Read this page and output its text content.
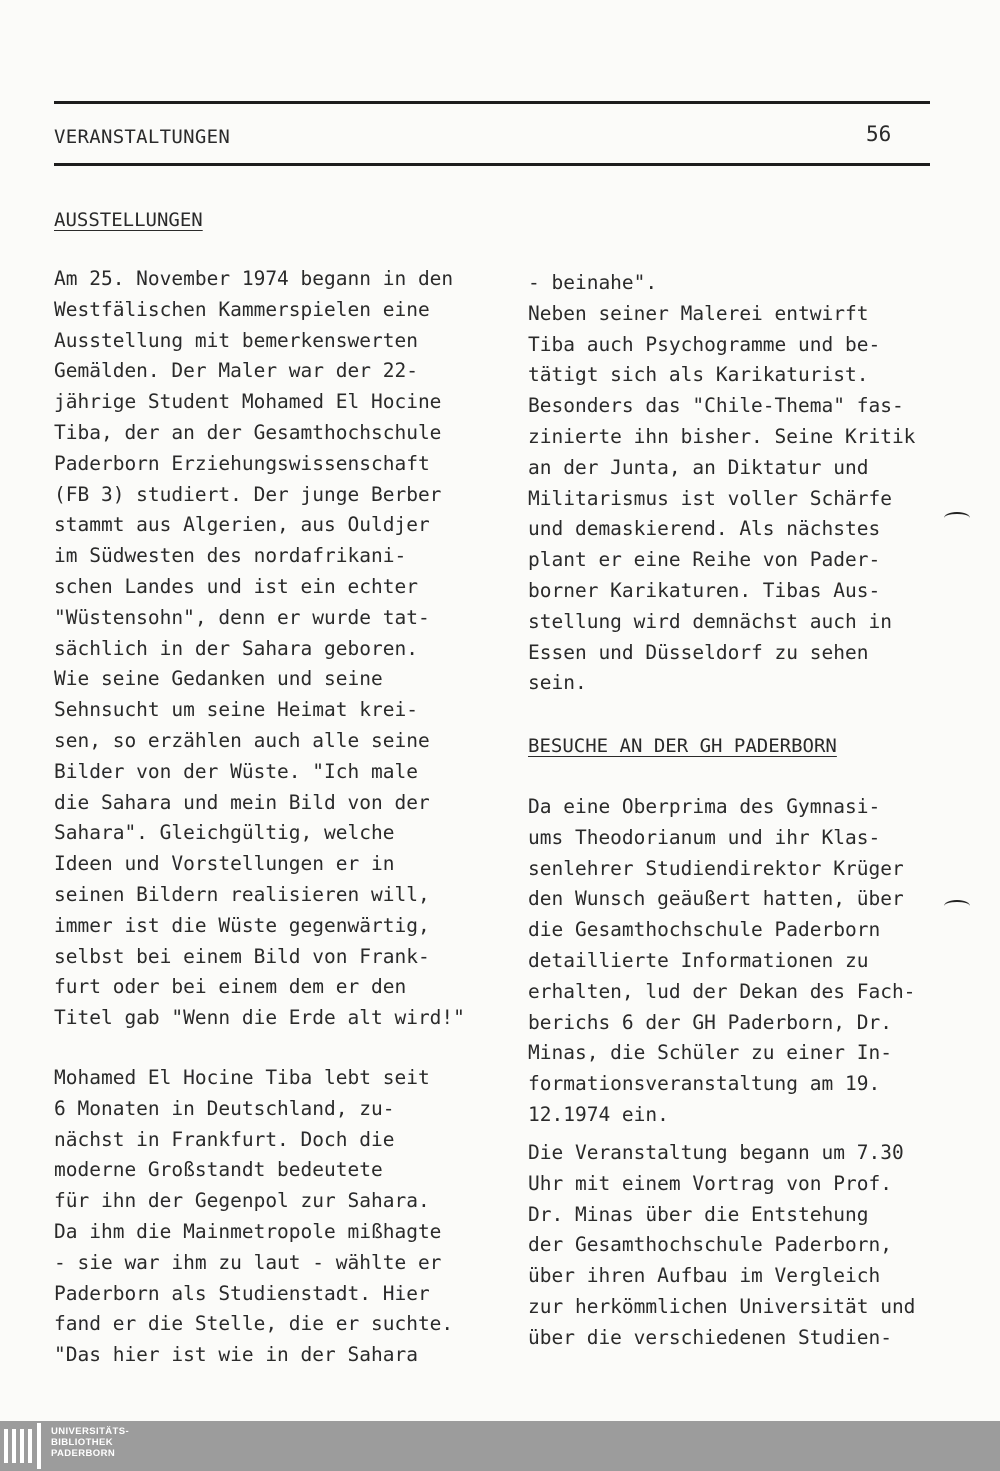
VERANSTALTUNGEN	56
AUSSTELLUNGEN
Am 25. November 1974 begann in den
Westfälischen Kammerspielen eine
Ausstellung mit bemerkenswerten
Gemälden. Der Maler war der 22-
jährige Student Mohamed El Hocine
Tiba, der an der Gesamthochschule
Paderborn Erziehungswissenschaft
(FB 3) studiert. Der junge Berber
stammt aus Algerien, aus Ouldjer
im Südwesten des nordafrikani-
schen Landes und ist ein echter
"Wüstensohn", denn er wurde tat-
sächlich in der Sahara geboren.
Wie seine Gedanken und seine
Sehnsucht um seine Heimat krei-
sen, so erzählen auch alle seine
Bilder von der Wüste. "Ich male
die Sahara und mein Bild von der
Sahara". Gleichgültig, welche
Ideen und Vorstellungen er in
seinen Bildern realisieren will,
immer ist die Wüste gegenwärtig,
selbst bei einem Bild von Frank-
furt oder bei einem dem er den
Titel gab "Wenn die Erde alt wird!"
Mohamed El Hocine Tiba lebt seit
6 Monaten in Deutschland, zu-
nächst in Frankfurt. Doch die
moderne Großstandt bedeutete
für ihn der Gegenpol zur Sahara.
Da ihm die Mainmetropole mißhagte
- sie war ihm zu laut - wählte er
Paderborn als Studienstadt. Hier
fand er die Stelle, die er suchte.
"Das hier ist wie in der Sahara
- beinahe".
Neben seiner Malerei entwirft
Tiba auch Psychogramme und be-
tätigt sich als Karikaturist.
Besonders das "Chile-Thema" fas-
zinierte ihn bisher. Seine Kritik
an der Junta, an Diktatur und
Militarismus ist voller Schärfe
und demaskierend. Als nächstes
plant er eine Reihe von Pader-
borner Karikaturen. Tibas Aus-
stellung wird demnächst auch in
Essen und Düsseldorf zu sehen
sein.
BESUCHE AN DER GH PADERBORN
Da eine Oberprima des Gymnasi-
ums Theodorianum und ihr Klas-
senlehrer Studiendirektor Krüger
den Wunsch geäußert hatten, über
die Gesamthochschule Paderborn
detaillierte Informationen zu
erhalten, lud der Dekan des Fach-
berichs 6 der GH Paderborn, Dr.
Minas, die Schüler zu einer In-
formationsveranstaltung am 19.
12.1974 ein.
Die Veranstaltung begann um 7.30
Uhr mit einem Vortrag von Prof.
Dr. Minas über die Entstehung
der Gesamthochschule Paderborn,
über ihren Aufbau im Vergleich
zur herkömmlichen Universität und
über die verschiedenen Studien-
UNIVERSITÄTS-
BIBLIOTHEK
PADERBORN
